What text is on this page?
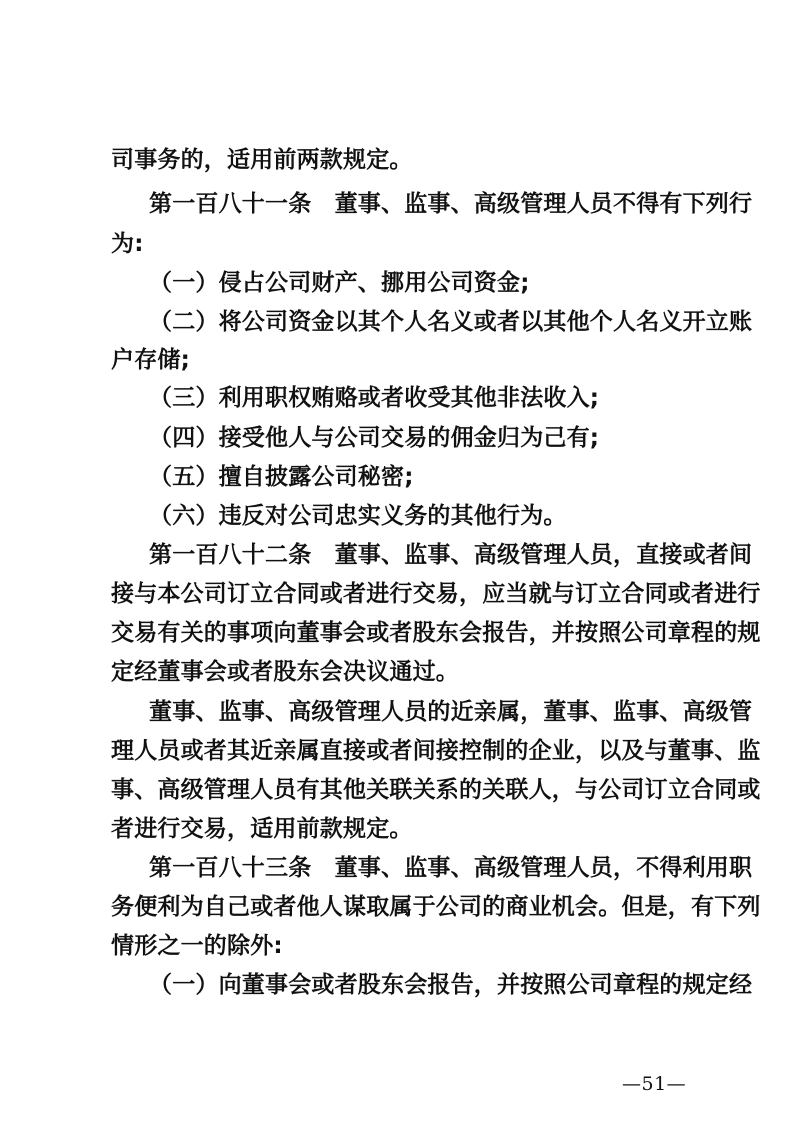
司事务的，适用前两款规定。
第一百八十一条　董事、监事、高级管理人员不得有下列行
为:
（一）侵占公司财产、挪用公司资金;
（二）将公司资金以其个人名义或者以其他个人名义开立账
户存储;
（三）利用职权贿赂或者收受其他非法收入;
（四）接受他人与公司交易的佣金归为己有;
（五）擅自披露公司秘密;
（六）违反对公司忠实义务的其他行为。
第一百八十二条　董事、监事、高级管理人员，直接或者间
接与本公司订立合同或者进行交易，应当就与订立合同或者进行
交易有关的事项向董事会或者股东会报告，并按照公司章程的规
定经董事会或者股东会决议通过。
董事、监事、高级管理人员的近亲属，董事、监事、高级管
理人员或者其近亲属直接或者间接控制的企业，以及与董事、监
事、高级管理人员有其他关联关系的关联人，与公司订立合同或
者进行交易，适用前款规定。
第一百八十三条　董事、监事、高级管理人员，不得利用职
务便利为自己或者他人谋取属于公司的商业机会。但是，有下列
情形之一的除外:
（一）向董事会或者股东会报告，并按照公司章程的规定经
—51—
